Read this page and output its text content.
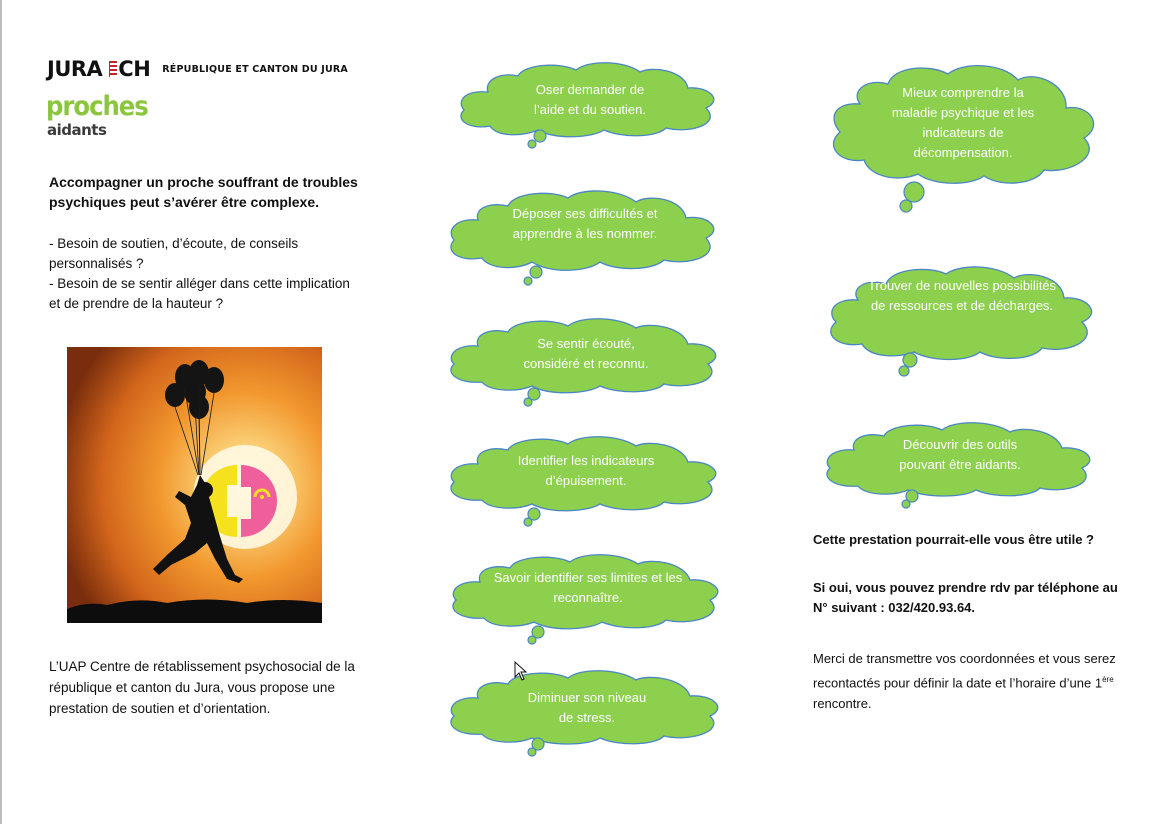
JURA CH RÉPUBLIQUE ET CANTON DU JURA
proches
aidants
Accompagner un proche souffrant de troubles psychiques peut s’avérer être complexe.
- Besoin de soutien, d’écoute, de conseils personnalisés ?
- Besoin de se sentir alléger dans cette implication et de prendre de la hauteur ?
L’UAP Centre de rétablissement psychosocial de la république et canton du Jura, vous propose une prestation de soutien et d’orientation.
Oser demander de l’aide et du soutien.
Déposer ses difficultés et apprendre à les nommer.
Se sentir écouté, considéré et reconnu.
Identifier les indicateurs d’épuisement.
Savoir identifier ses limites et les reconnaître.
Diminuer son niveau de stress.
Mieux comprendre la maladie psychique et les indicateurs de décompensation.
Trouver de nouvelles possibilités de ressources et de décharges.
Découvrir des outils pouvant être aidants.
Cette prestation pourrait-elle vous être utile ?
Si oui, vous pouvez prendre rdv par téléphone au N° suivant : 032/420.93.64.
Merci de transmettre vos coordonnées et vous serez recontactés pour définir la date et l’horaire d’une 1ère rencontre.
